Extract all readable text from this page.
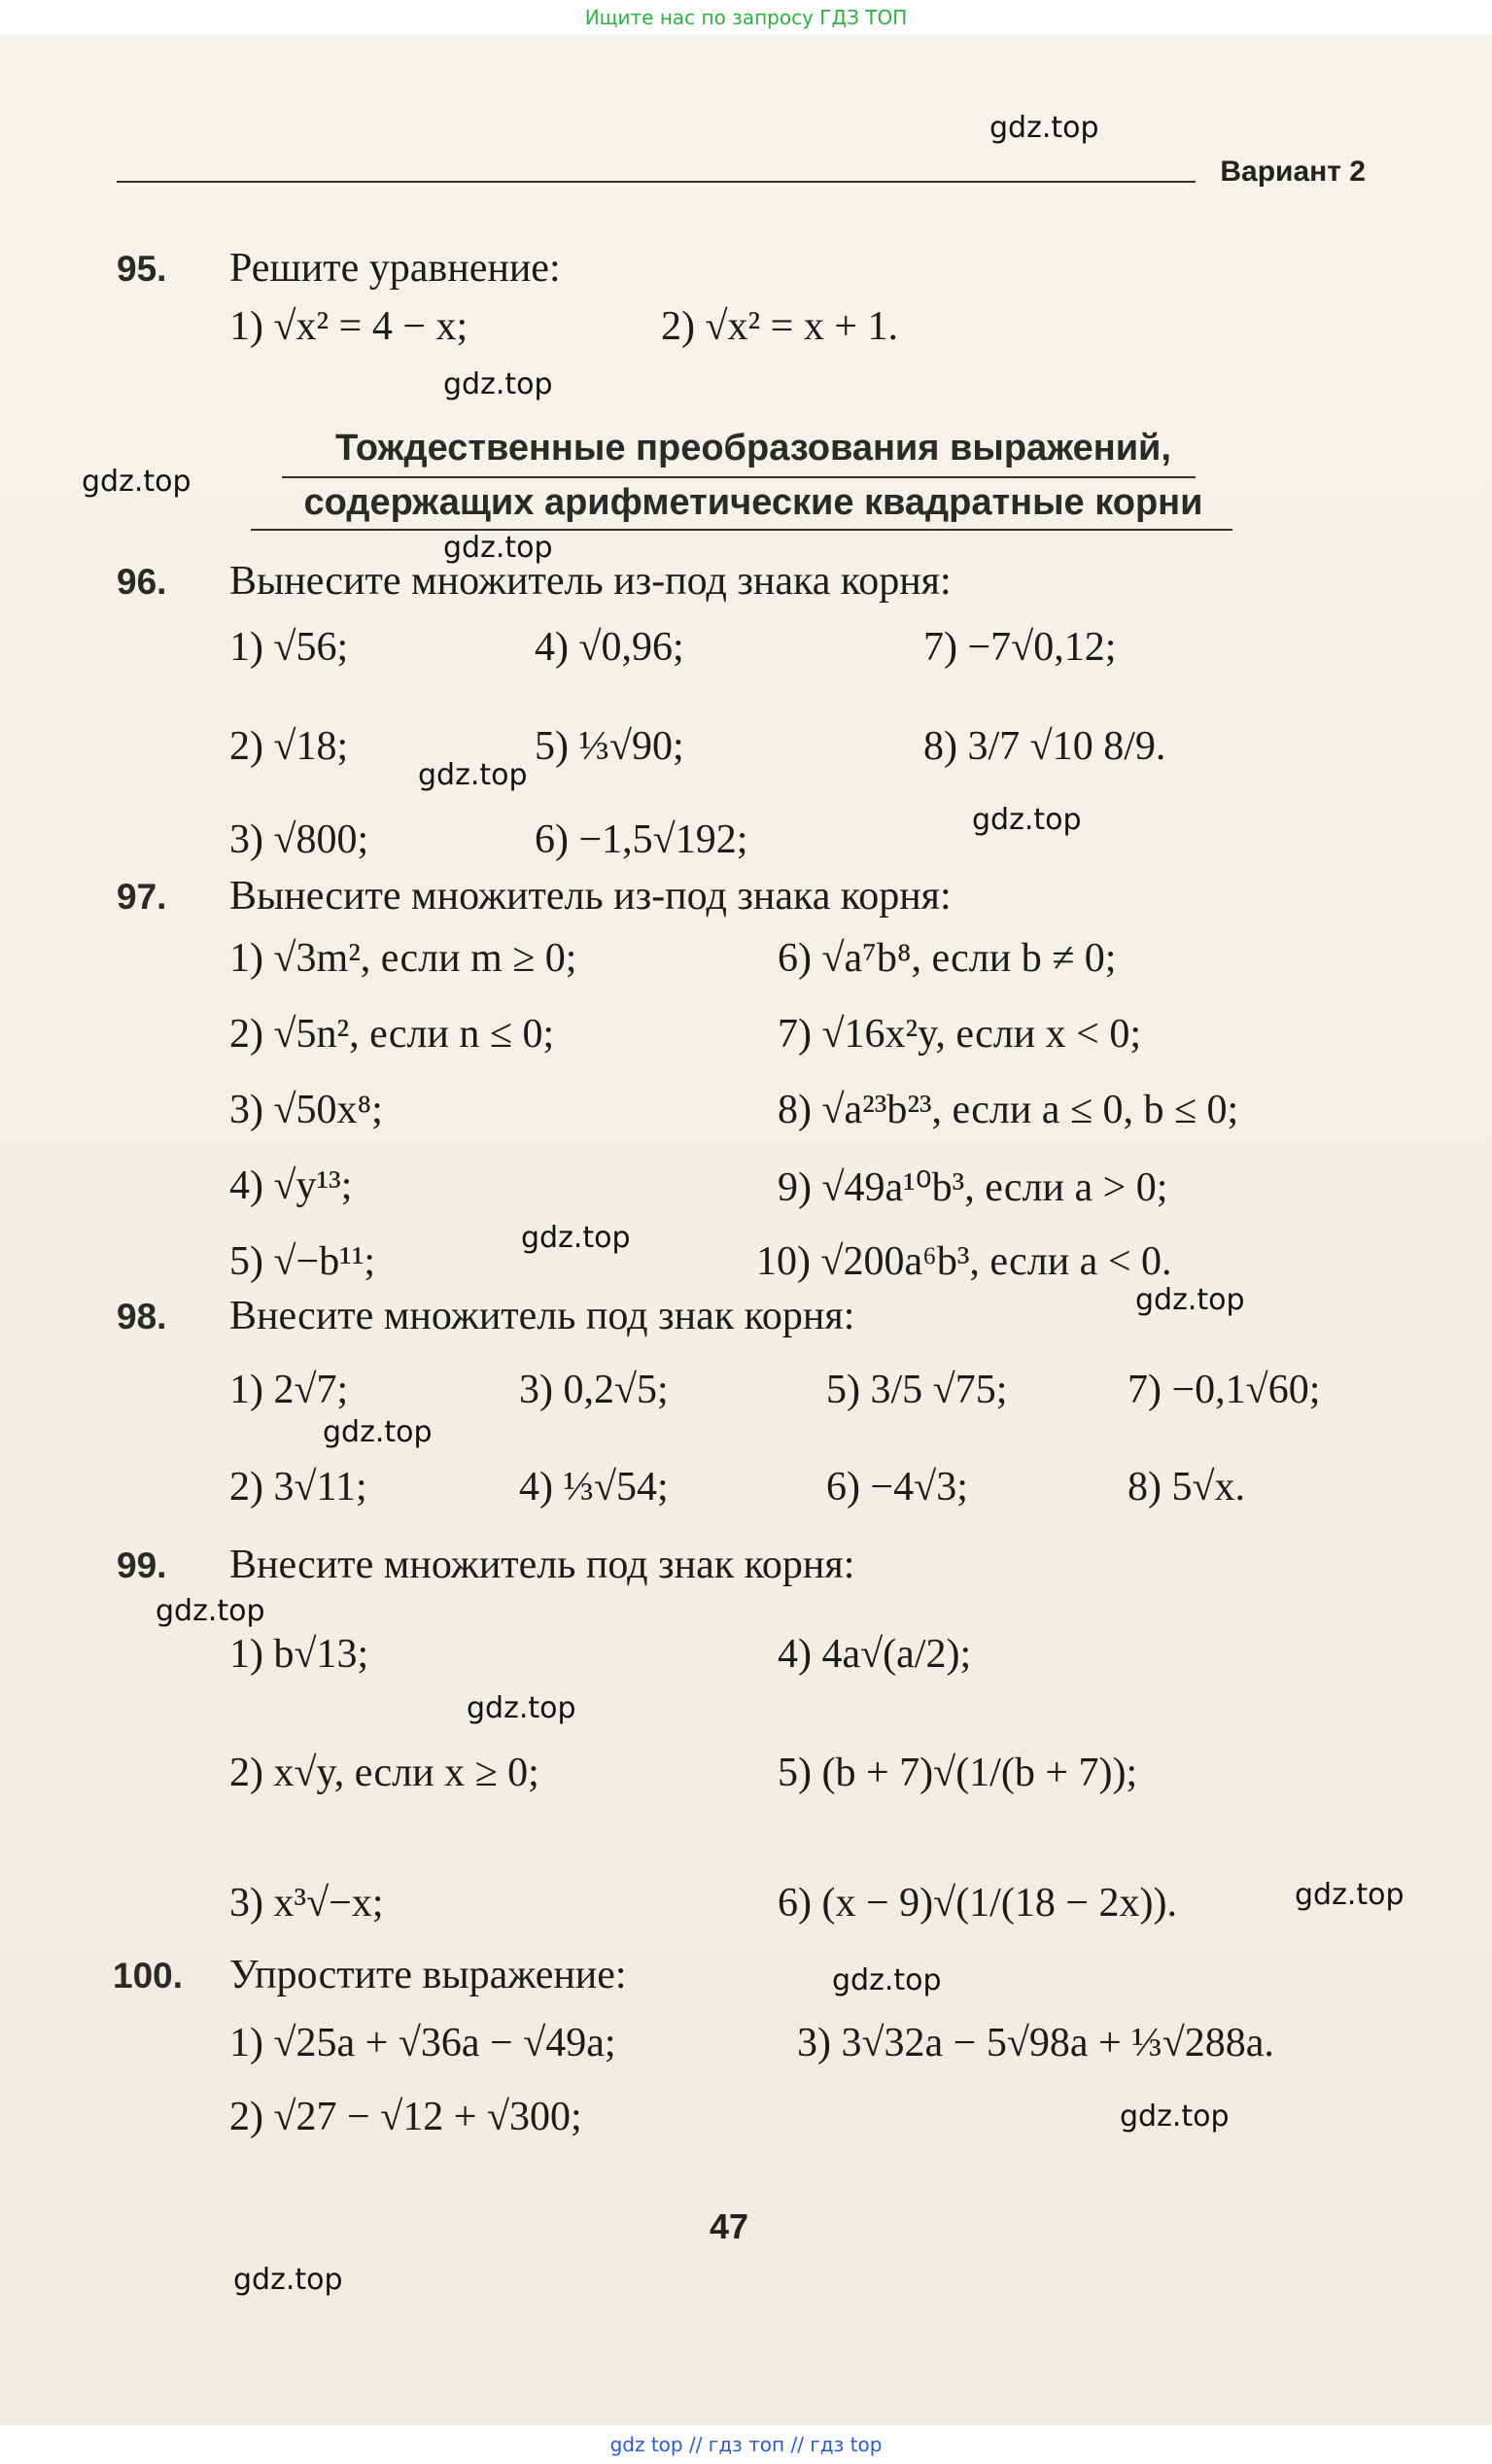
Ищите нас по запросу ГДЗ ТОП
Вариант 2
95. Решите уравнение:
1) √x² = 4 − x;	2) √x² = x + 1.
Тождественные преобразования выражений,
содержащих арифметические квадратные корни
96. Вынесите множитель из-под знака корня:
1) √56;	4) √0,96;	7) −7√0,12;
2) √18;	5) ⅓√90;	8) 3/7 √10 8/9.
3) √800;	6) −1,5√192;
97. Вынесите множитель из-под знака корня:
1) √3m², если m ≥ 0;	6) √a⁷b⁸, если b ≠ 0;
2) √5n², если n ≤ 0;	7) √16x²y, если x < 0;
3) √50x⁸;	8) √a²³b²³, если a ≤ 0, b ≤ 0;
4) √y¹³;	9) √49a¹⁰b³, если a > 0;
5) √−b¹¹;	10) √200a⁶b³, если a < 0.
98. Внесите множитель под знак корня:
1) 2√7;	3) 0,2√5;	5) 3/5 √75;	7) −0,1√60;
2) 3√11;	4) ⅓√54;	6) −4√3;	8) 5√x.
99. Внесите множитель под знак корня:
1) b√13;	4) 4a√(a/2);
2) x√y, если x ≥ 0;	5) (b + 7)√(1/(b + 7));
3) x³√−x;	6) (x − 9)√(1/(18 − 2x)).
100. Упростите выражение:
1) √25a + √36a − √49a;	3) 3√32a − 5√98a + ⅓√288a.
2) √27 − √12 + √300;
47
gdz.top
gdz.top
gdz.top
gdz.top
gdz.top
gdz.top
gdz.top
gdz.top
gdz.top
gdz.top
gdz.top
gdz.top
gdz.top
gdz.top
gdz.top
gdz top // гдз топ // гдз top
